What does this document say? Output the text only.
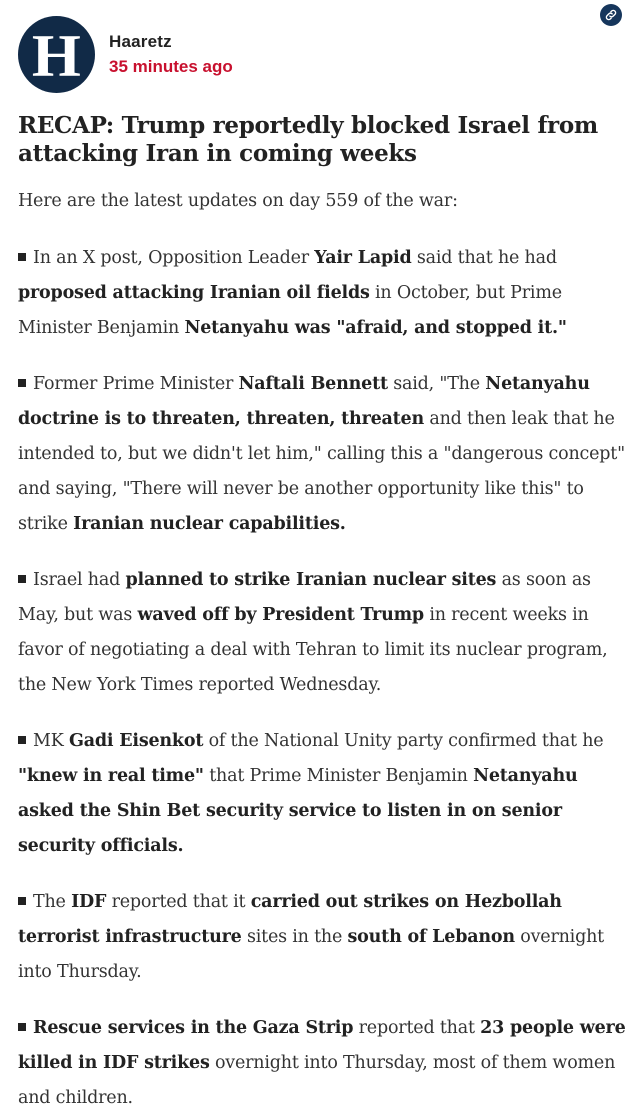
H Haaretz
35 minutes ago
RECAP: Trump reportedly blocked Israel from attacking Iran in coming weeks

Here are the latest updates on day 559 of the war:

In an X post, Opposition Leader Yair Lapid said that he had proposed attacking Iranian oil fields in October, but Prime Minister Benjamin Netanyahu was "afraid, and stopped it."

Former Prime Minister Naftali Bennett said, "The Netanyahu doctrine is to threaten, threaten, threaten and then leak that he intended to, but we didn't let him," calling this a "dangerous concept" and saying, "There will never be another opportunity like this" to strike Iranian nuclear capabilities.

Israel had planned to strike Iranian nuclear sites as soon as May, but was waved off by President Trump in recent weeks in favor of negotiating a deal with Tehran to limit its nuclear program, the New York Times reported Wednesday.

MK Gadi Eisenkot of the National Unity party confirmed that he "knew in real time" that Prime Minister Benjamin Netanyahu asked the Shin Bet security service to listen in on senior security officials.

The IDF reported that it carried out strikes on Hezbollah terrorist infrastructure sites in the south of Lebanon overnight into Thursday.

Rescue services in the Gaza Strip reported that 23 people were killed in IDF strikes overnight into Thursday, most of them women and children.
